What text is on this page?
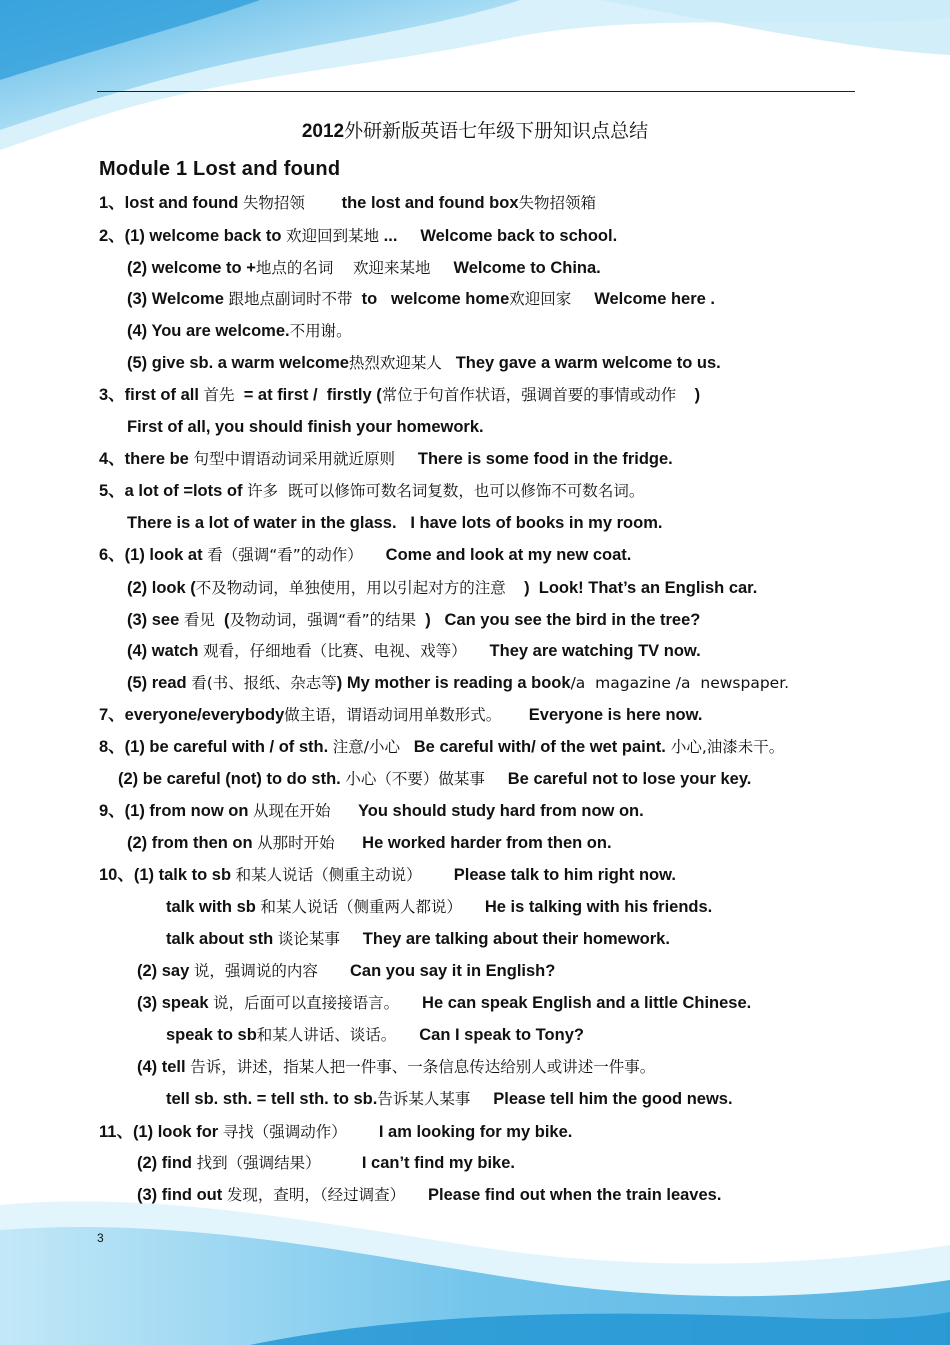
2012外研新版英语七年级下册知识点总结
Module 1 Lost and found
1、lost and found 失物招领        the lost and found box失物招领箱
2、(1) welcome back to 欢迎回到某地 ...     Welcome back to school.
(2) welcome to +地点的名词    欢迎来某地     Welcome to China.
(3) Welcome 跟地点副词时不带  to   welcome home欢迎回家     Welcome here .
(4) You are welcome.不用谢。
(5) give sb. a warm welcome热烈欢迎某人   They gave a warm welcome to us.
3、first of all 首先  = at first /  firstly (常位于句首作状语，强调首要的事情或动作    )
First of all, you should finish your homework.
4、there be 句型中谓语动词采用就近原则     There is some food in the fridge.
5、a lot of =lots of 许多  既可以修饰可数名词复数，也可以修饰不可数名词。
There is a lot of water in the glass.   I have lots of books in my room.
6、(1) look at 看（强调“看”的动作）     Come and look at my new coat.
(2) look (不及物动词，单独使用，用以引起对方的注意    )  Look! That’s an English car.
(3) see 看见  (及物动词，强调“看”的结果  )   Can you see the bird in the tree?
(4) watch 观看，仔细地看（比赛、电视、戏等）     They are watching TV now.
(5) read 看(书、报纸、杂志等) My mother is reading a book/a  magazine /a  newspaper.
7、everyone/everybody做主语，谓语动词用单数形式。      Everyone is here now.
8、(1) be careful with / of sth. 注意/小心   Be careful with/ of the wet paint. 小心,油漆未干。
(2) be careful (not) to do sth. 小心（不要）做某事     Be careful not to lose your key.
9、(1) from now on 从现在开始      You should study hard from now on.
(2) from then on 从那时开始      He worked harder from then on.
10、(1) talk to sb 和某人说话（侧重主动说）       Please talk to him right now.
talk with sb 和某人说话（侧重两人都说）     He is talking with his friends.
talk about sth 谈论某事     They are talking about their homework.
(2) say 说，强调说的内容       Can you say it in English?
(3) speak 说，后面可以直接接语言。     He can speak English and a little Chinese.
speak to sb和某人讲话、谈话。     Can I speak to Tony?
(4) tell 告诉，讲述，指某人把一件事、一条信息传达给别人或讲述一件事。
tell sb. sth. = tell sth. to sb.告诉某人某事     Please tell him the good news.
11、(1) look for 寻找（强调动作）       I am looking for my bike.
(2) find 找到（强调结果）         I can’t find my bike.
(3) find out 发现，查明，（经过调查）     Please find out when the train leaves.
3
